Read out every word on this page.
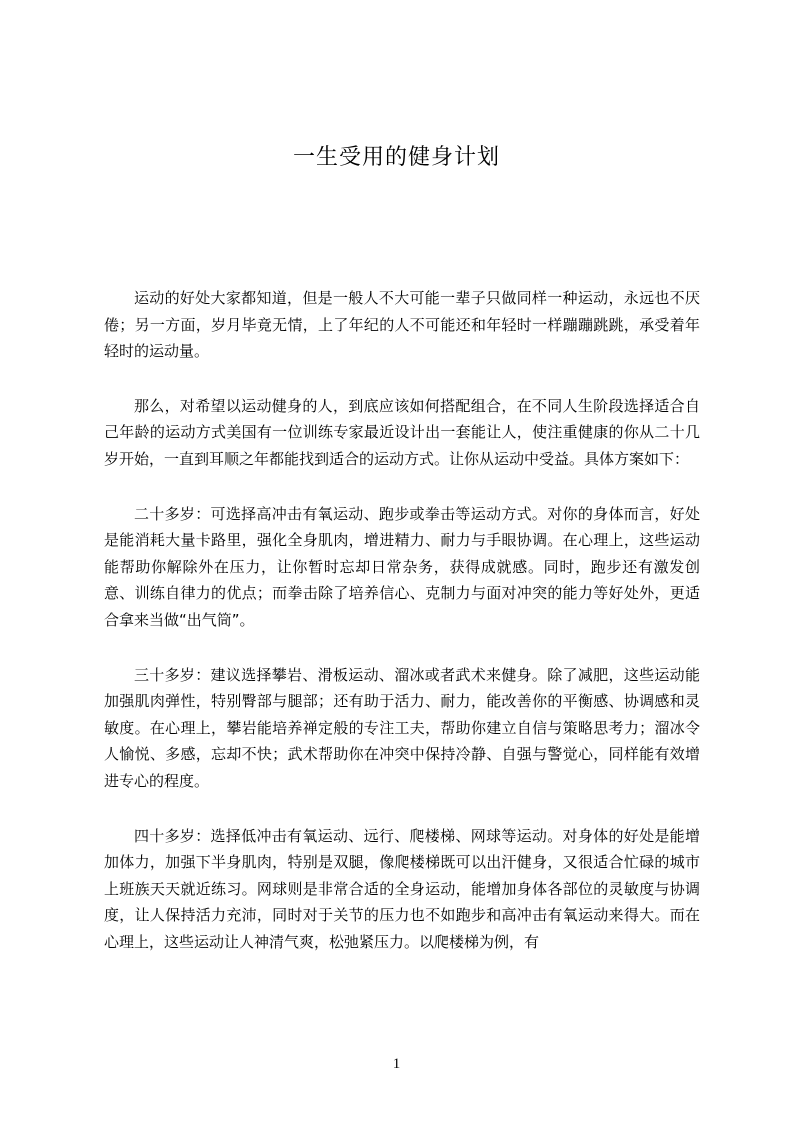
一生受用的健身计划

运动的好处大家都知道，但是一般人不大可能一辈子只做同样一种运动，永远也不厌倦；另一方面，岁月毕竟无情，上了年纪的人不可能还和年轻时一样蹦蹦跳跳，承受着年轻时的运动量。

那么，对希望以运动健身的人，到底应该如何搭配组合，在不同人生阶段选择适合自己年龄的运动方式美国有一位训练专家最近设计出一套能让人，使注重健康的你从二十几岁开始，一直到耳顺之年都能找到适合的运动方式。让你从运动中受益。具体方案如下：

二十多岁：可选择高冲击有氧运动、跑步或拳击等运动方式。对你的身体而言，好处是能消耗大量卡路里，强化全身肌肉，增进精力、耐力与手眼协调。在心理上，这些运动能帮助你解除外在压力，让你暂时忘却日常杂务，获得成就感。同时，跑步还有激发创意、训练自律力的优点；而拳击除了培养信心、克制力与面对冲突的能力等好处外，更适合拿来当做“出气筒”。

三十多岁：建议选择攀岩、滑板运动、溜冰或者武术来健身。除了减肥，这些运动能加强肌肉弹性，特别臀部与腿部；还有助于活力、耐力，能改善你的平衡感、协调感和灵敏度。在心理上，攀岩能培养禅定般的专注工夫，帮助你建立自信与策略思考力；溜冰令人愉悦、多感，忘却不快；武术帮助你在冲突中保持冷静、自强与警觉心，同样能有效增进专心的程度。

四十多岁：选择低冲击有氧运动、远行、爬楼梯、网球等运动。对身体的好处是能增加体力，加强下半身肌肉，特别是双腿，像爬楼梯既可以出汗健身，又很适合忙碌的城市上班族天天就近练习。网球则是非常合适的全身运动，能增加身体各部位的灵敏度与协调度，让人保持活力充沛，同时对于关节的压力也不如跑步和高冲击有氧运动来得大。而在心理上，这些运动让人神清气爽，松弛紧压力。以爬楼梯为例，有

1
